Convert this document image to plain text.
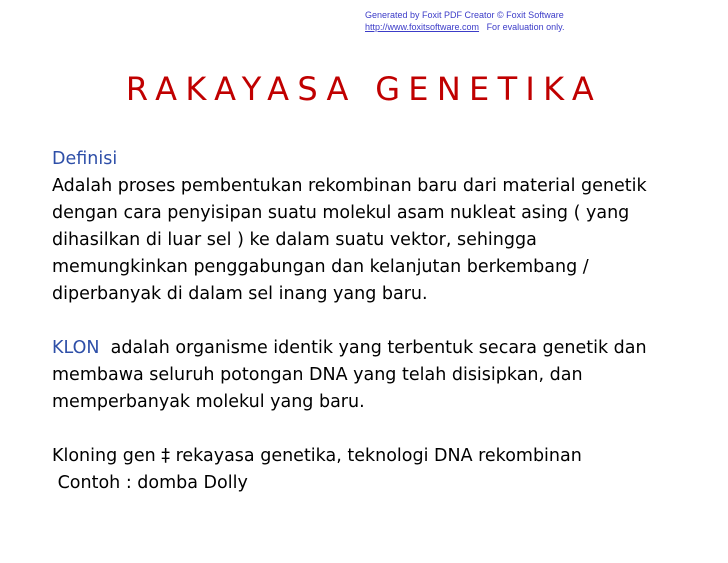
Generated by Foxit PDF Creator © Foxit Software
http://www.foxitsoftware.com For evaluation only.
RAKAYASA GENETIKA
Definisi
Adalah proses pembentukan rekombinan baru dari material genetik
dengan cara penyisipan suatu molekul asam nukleat asing ( yang
dihasilkan di luar sel ) ke dalam suatu vektor, sehingga
memungkinkan penggabungan dan kelanjutan berkembang /
diperbanyak di dalam sel inang yang baru.
KLON adalah organisme identik yang terbentuk secara genetik dan
membawa seluruh potongan DNA yang telah disisipkan, dan
memperbanyak molekul yang baru.
Kloning gen ‡ rekayasa genetika, teknologi DNA rekombinan
Contoh : domba Dolly
